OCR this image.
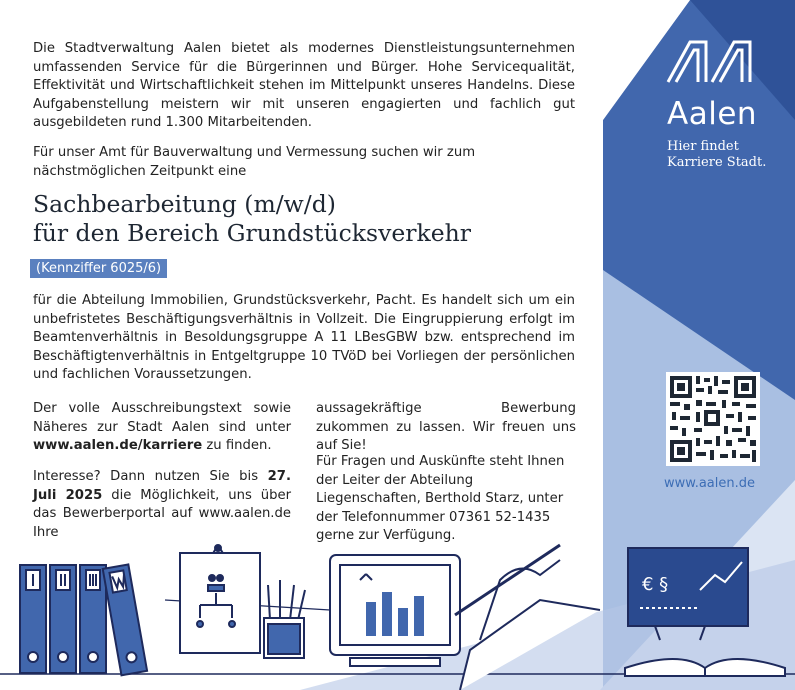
€ §
Die Stadtverwaltung Aalen bietet als modernes Dienstleistungsunternehmen umfassenden Service für die Bürgerinnen und Bürger. Hohe Servicequalität, Effektivität und Wirtschaftlichkeit stehen im Mittelpunkt unseres Handelns. Diese Aufgabenstellung meistern wir mit unseren engagierten und fachlich gut ausgebildeten rund 1.300 Mitarbeitenden.
Für unser Amt für Bauverwaltung und Vermessung suchen wir zum nächstmöglichen Zeitpunkt eine
Sachbearbeitung (m/w/d)
für den Bereich Grundstücksverkehr
(Kennziffer 6025/6)
für die Abteilung Immobilien, Grundstücksverkehr, Pacht. Es handelt sich um ein unbefristetes Beschäftigungsverhältnis in Vollzeit. Die Eingruppierung erfolgt im Beamtenverhältnis in Besoldungsgruppe A 11 LBesGBW bzw. entsprechend im Beschäftigtenverhältnis in Entgeltgruppe 10 TVöD bei Vorliegen der persönlichen und fachlichen Voraussetzungen.
Der volle Ausschreibungstext sowie Näheres zur Stadt Aalen sind unter www.aalen.de/karriere zu finden.
Interesse? Dann nutzen Sie bis 27. Juli 2025 die Möglichkeit, uns über das Bewerberportal auf www.aalen.de Ihre
aussagekräftige Bewerbung zukommen zu lassen. Wir freuen uns auf Sie!
Für Fragen und Auskünfte steht Ihnen der Leiter der Abteilung Liegenschaften, Berthold Starz, unter der Telefonnummer 07361 52-1435 gerne zur Verfügung.
Aalen
Hier findet Karriere Stadt.
www.aalen.de
